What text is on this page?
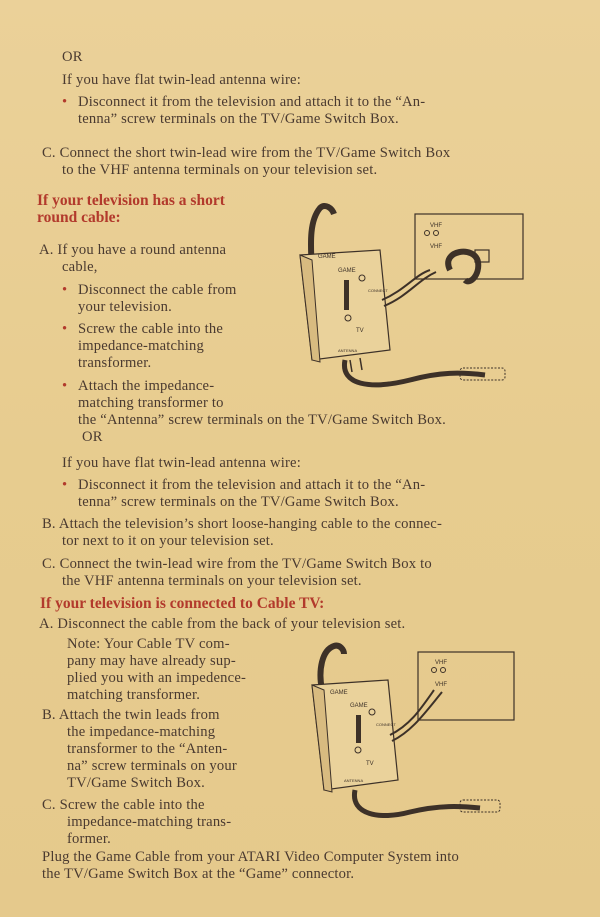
OR
If you have flat twin-lead antenna wire:
• Disconnect it from the television and attach it to the “An-
tenna” screw terminals on the TV/Game Switch Box.
C. Connect the short twin-lead wire from the TV/Game Switch Box
to the VHF antenna terminals on your television set.
If your television has a short
round cable:
A. If you have a round antenna
cable,
• Disconnect the cable from
your television.
• Screw the cable into the
impedance-matching
transformer.
• Attach the impedance-
matching transformer to
the “Antenna” screw terminals on the TV/Game Switch Box.
OR
If you have flat twin-lead antenna wire:
• Disconnect it from the television and attach it to the “An-
tenna” screw terminals on the TV/Game Switch Box.
B. Attach the television’s short loose-hanging cable to the connec-
tor next to it on your television set.
C. Connect the twin-lead wire from the TV/Game Switch Box to
the VHF antenna terminals on your television set.
If your television is connected to Cable TV:
A. Disconnect the cable from the back of your television set.
Note: Your Cable TV com-
pany may have already sup-
plied you with an impedence-
matching transformer.
B. Attach the twin leads from
the impedance-matching
transformer to the “Anten-
na” screw terminals on your
TV/Game Switch Box.
C. Screw the cable into the
impedance-matching trans-
former.
Plug the Game Cable from your ATARI Video Computer System into
the TV/Game Switch Box at the “Game” connector.
VHF
VHF
GAME
GAME
CONNECT
TV
ANTENNA
VHF
VHF
GAME
GAME
CONNECT
TV
ANTENNA
